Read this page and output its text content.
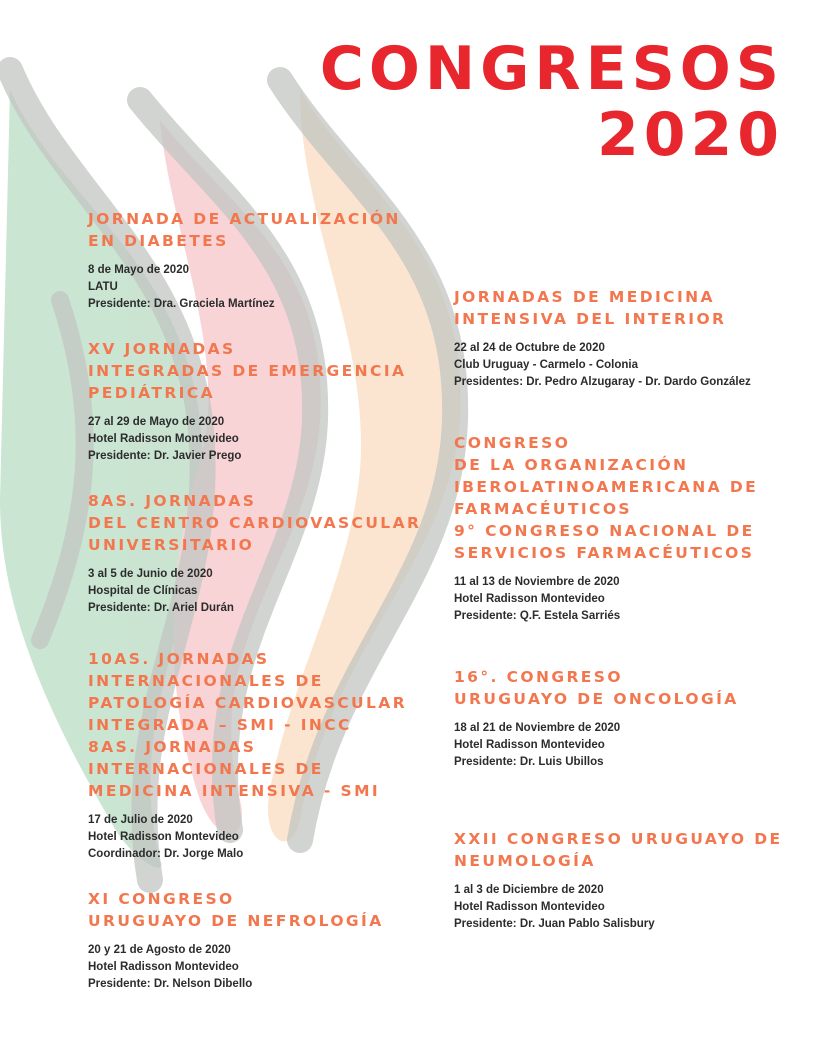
CONGRESOS
2020
JORNADA DE ACTUALIZACIÓN
EN DIABETES
8 de Mayo de 2020
LATU
Presidente: Dra. Graciela Martínez
XV JORNADAS
INTEGRADAS DE EMERGENCIA
PEDIÁTRICA
27 al 29 de Mayo de 2020
Hotel Radisson Montevideo
Presidente: Dr. Javier Prego
8AS. JORNADAS
DEL CENTRO CARDIOVASCULAR
UNIVERSITARIO
3 al 5 de Junio de 2020
Hospital de Clínicas
Presidente: Dr. Ariel Durán
10AS. JORNADAS
INTERNACIONALES DE
PATOLOGÍA CARDIOVASCULAR
INTEGRADA – SMI - INCC
8AS. JORNADAS
INTERNACIONALES DE
MEDICINA INTENSIVA - SMI
17 de Julio de 2020
Hotel Radisson Montevideo
Coordinador: Dr. Jorge Malo
XI CONGRESO
URUGUAYO DE NEFROLOGÍA
20 y 21 de Agosto de 2020
Hotel Radisson Montevideo
Presidente: Dr. Nelson Dibello
JORNADAS DE MEDICINA
INTENSIVA DEL INTERIOR
22 al 24 de Octubre de 2020
Club Uruguay - Carmelo - Colonia
Presidentes: Dr. Pedro Alzugaray - Dr. Dardo González
CONGRESO
DE LA ORGANIZACIÓN
IBEROLATINOAMERICANA DE
FARMACÉUTICOS
9° CONGRESO NACIONAL DE
SERVICIOS FARMACÉUTICOS
11 al 13 de Noviembre de 2020
Hotel Radisson Montevideo
Presidente: Q.F. Estela Sarriés
16°. CONGRESO
URUGUAYO DE ONCOLOGÍA
18 al 21 de Noviembre de 2020
Hotel Radisson Montevideo
Presidente: Dr. Luis Ubillos
XXII CONGRESO URUGUAYO DE
NEUMOLOGÍA
1 al 3 de Diciembre de 2020
Hotel Radisson Montevideo
Presidente: Dr. Juan Pablo Salisbury
